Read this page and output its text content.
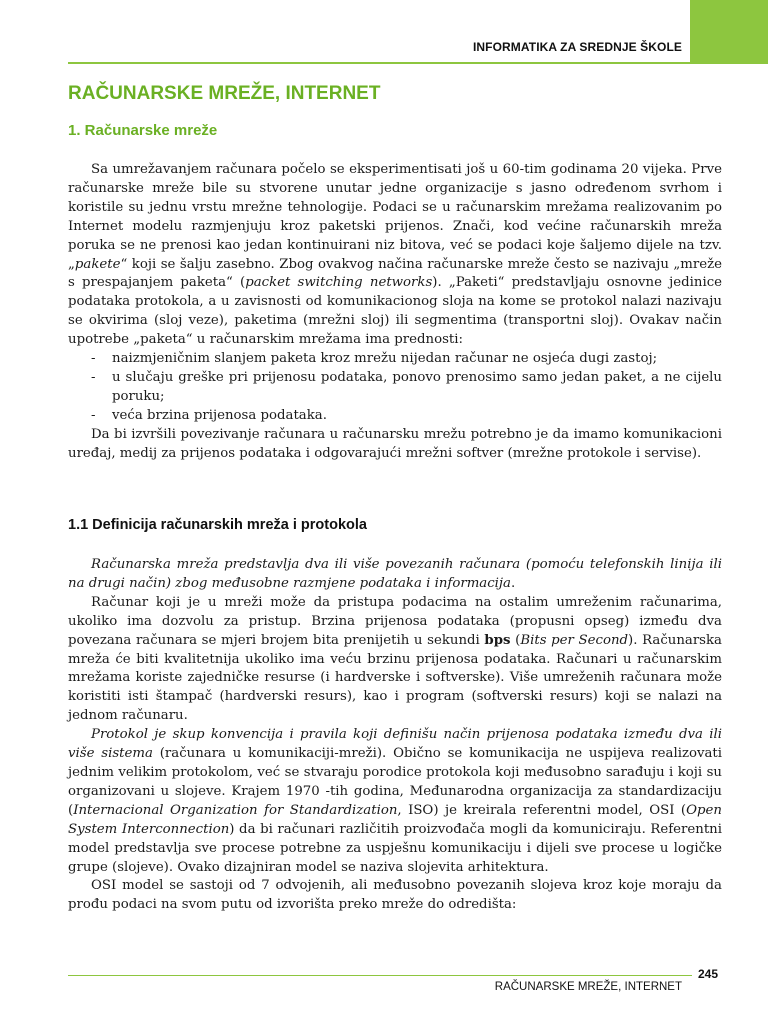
INFORMATIKA ZA SREDNJE ŠKOLE
RAČUNARSKE MREŽE, INTERNET
1. Računarske mreže

Sa umrežavanjem računara počelo se eksperimentisati još u 60-tim godinama 20 vijeka. Prve računarske mreže bile su stvorene unutar jedne organizacije s jasno određenom svrhom i koristile su jednu vrstu mrežne tehnologije. Podaci se u računarskim mrežama realizovanim po Internet modelu razmjenjuju kroz paketski prijenos. Znači, kod većine računarskih mreža poruka se ne prenosi kao jedan kontinuirani niz bitova, već se podaci koje šaljemo dijele na tzv. „pakete“ koji se šalju zasebno. Zbog ovakvog načina računarske mreže često se nazivaju „mreže s prespajanjem paketa“ (packet switching networks). „Paketi“ predstavljaju osnovne jedinice podataka protokola, a u zavisnosti od komunikacionog sloja na kome se protokol nalazi nazivaju se okvirima (sloj veze), paketima (mrežni sloj) ili segmentima (transportni sloj). Ovakav način upotrebe „paketa“ u računarskim mrežama ima prednosti:

- naizmjeničnim slanjem paketa kroz mrežu nijedan računar ne osjeća dugi zastoj;
- u slučaju greške pri prijenosu podataka, ponovo prenosimo samo jedan paket, a ne cijelu poruku;
- veća brzina prijenosa podataka.

Da bi izvršili povezivanje računara u računarsku mrežu potrebno je da imamo komunikacioni uređaj, medij za prijenos podataka i odgovarajući mrežni softver (mrežne protokole i servise).

1.1 Definicija računarskih mreža i protokola

Računarska mreža predstavlja dva ili više povezanih računara (pomoću telefonskih linija ili na drugi način) zbog međusobne razmjene podataka i informacija.

Računar koji je u mreži može da pristupa podacima na ostalim umreženim računarima, ukoliko ima dozvolu za pristup. Brzina prijenosa podataka (propusni opseg) između dva povezana računara se mjeri brojem bita prenijetih u sekundi bps (Bits per Second). Računarska mreža će biti kvalitetnija ukoliko ima veću brzinu prijenosa podataka. Računari u računarskim mrežama koriste zajedničke resurse (i hardverske i softverske). Više umreženih računara može koristiti isti štampač (hardverski resurs), kao i program (softverski resurs) koji se nalazi na jednom računaru.

Protokol je skup konvencija i pravila koji definišu način prijenosa podataka između dva ili više sistema (računara u komunikaciji-mreži). Obično se komunikacija ne uspijeva realizovati jednim velikim protokolom, već se stvaraju porodice protokola koji međusobno sarađuju i koji su organizovani u slojeve. Krajem 1970 -tih godina, Međunarodna organizacija za standardizaciju (Internacional Organization for Standardization, ISO) je kreirala referentni model, OSI (Open System Interconnection) da bi računari različitih proizvođača mogli da komuniciraju. Referentni model predstavlja sve procese potrebne za uspješnu komunikaciju i dijeli sve procese u logičke grupe (slojeve). Ovako dizajniran model se naziva slojevita arhitektura.

OSI model se sastoji od 7 odvojenih, ali međusobno povezanih slojeva kroz koje moraju da prođu podaci na svom putu od izvorišta preko mreže do odredišta:

245
RAČUNARSKE MREŽE, INTERNET
